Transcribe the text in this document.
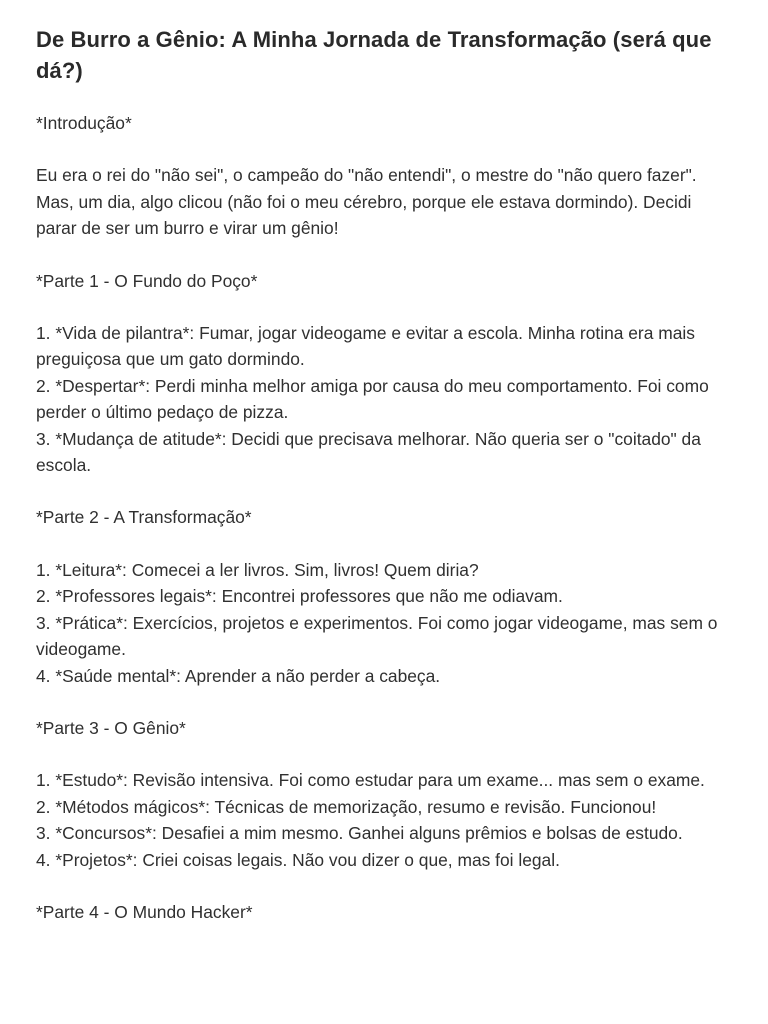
De Burro a Gênio: A Minha Jornada de Transformação (será que dá?)

*Introdução*

Eu era o rei do "não sei", o campeão do "não entendi", o mestre do "não quero fazer". Mas, um dia, algo clicou (não foi o meu cérebro, porque ele estava dormindo). Decidi parar de ser um burro e virar um gênio!

*Parte 1 - O Fundo do Poço*

1. *Vida de pilantra*: Fumar, jogar videogame e evitar a escola. Minha rotina era mais preguiçosa que um gato dormindo.
2. *Despertar*: Perdi minha melhor amiga por causa do meu comportamento. Foi como perder o último pedaço de pizza.
3. *Mudança de atitude*: Decidi que precisava melhorar. Não queria ser o "coitado" da escola.

*Parte 2 - A Transformação*

1. *Leitura*: Comecei a ler livros. Sim, livros! Quem diria?
2. *Professores legais*: Encontrei professores que não me odiavam.
3. *Prática*: Exercícios, projetos e experimentos. Foi como jogar videogame, mas sem o videogame.
4. *Saúde mental*: Aprender a não perder a cabeça.

*Parte 3 - O Gênio*

1. *Estudo*: Revisão intensiva. Foi como estudar para um exame... mas sem o exame.
2. *Métodos mágicos*: Técnicas de memorização, resumo e revisão. Funcionou!
3. *Concursos*: Desafiei a mim mesmo. Ganhei alguns prêmios e bolsas de estudo.
4. *Projetos*: Criei coisas legais. Não vou dizer o que, mas foi legal.

*Parte 4 - O Mundo Hacker*
